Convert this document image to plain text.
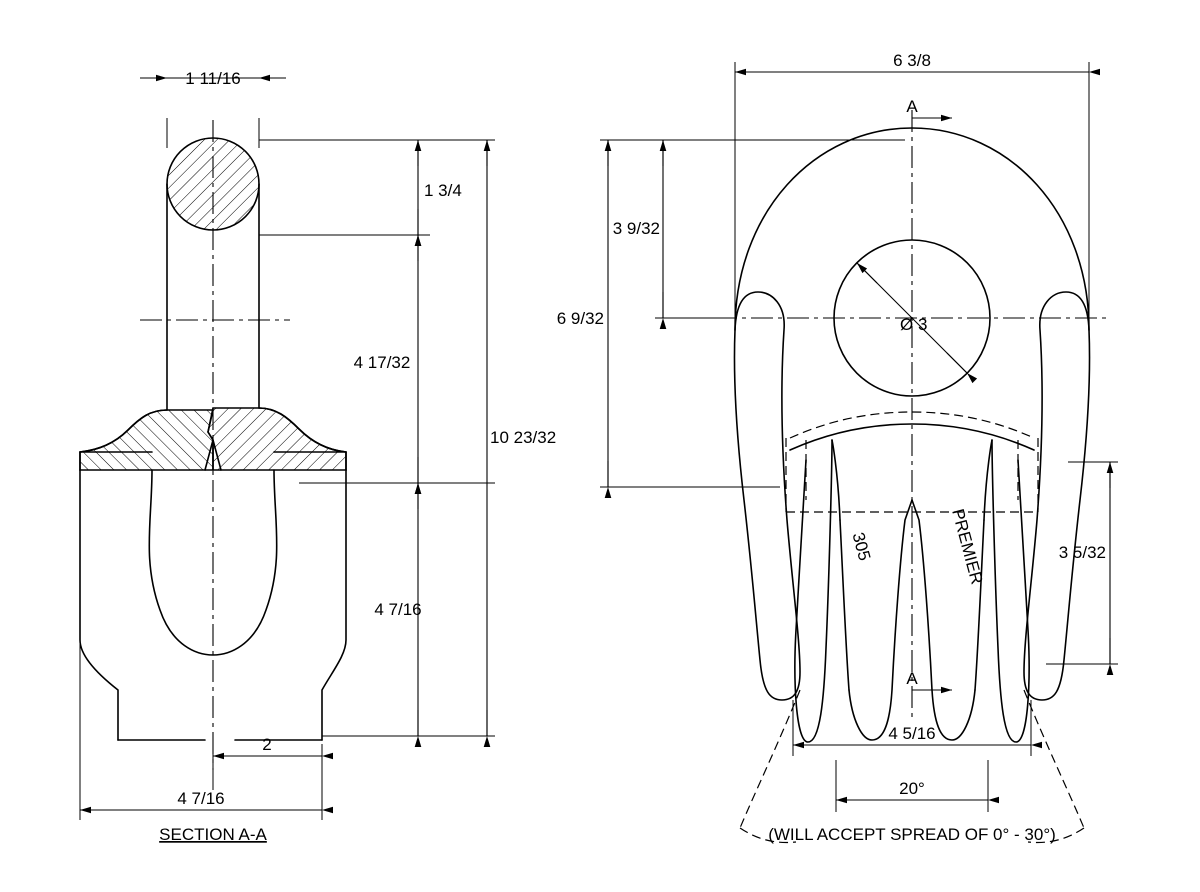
1 11/16
1 3/4
4 17/32
4 7/16
10 23/32
2
4 7/16
SECTION A-A
A
A
305	PREMIER
6 3/8
3 9/32
6 9/32	Ø 3
3 5/32
4 5/16
20°
(WILL ACCEPT SPREAD OF 0° - 30°)
